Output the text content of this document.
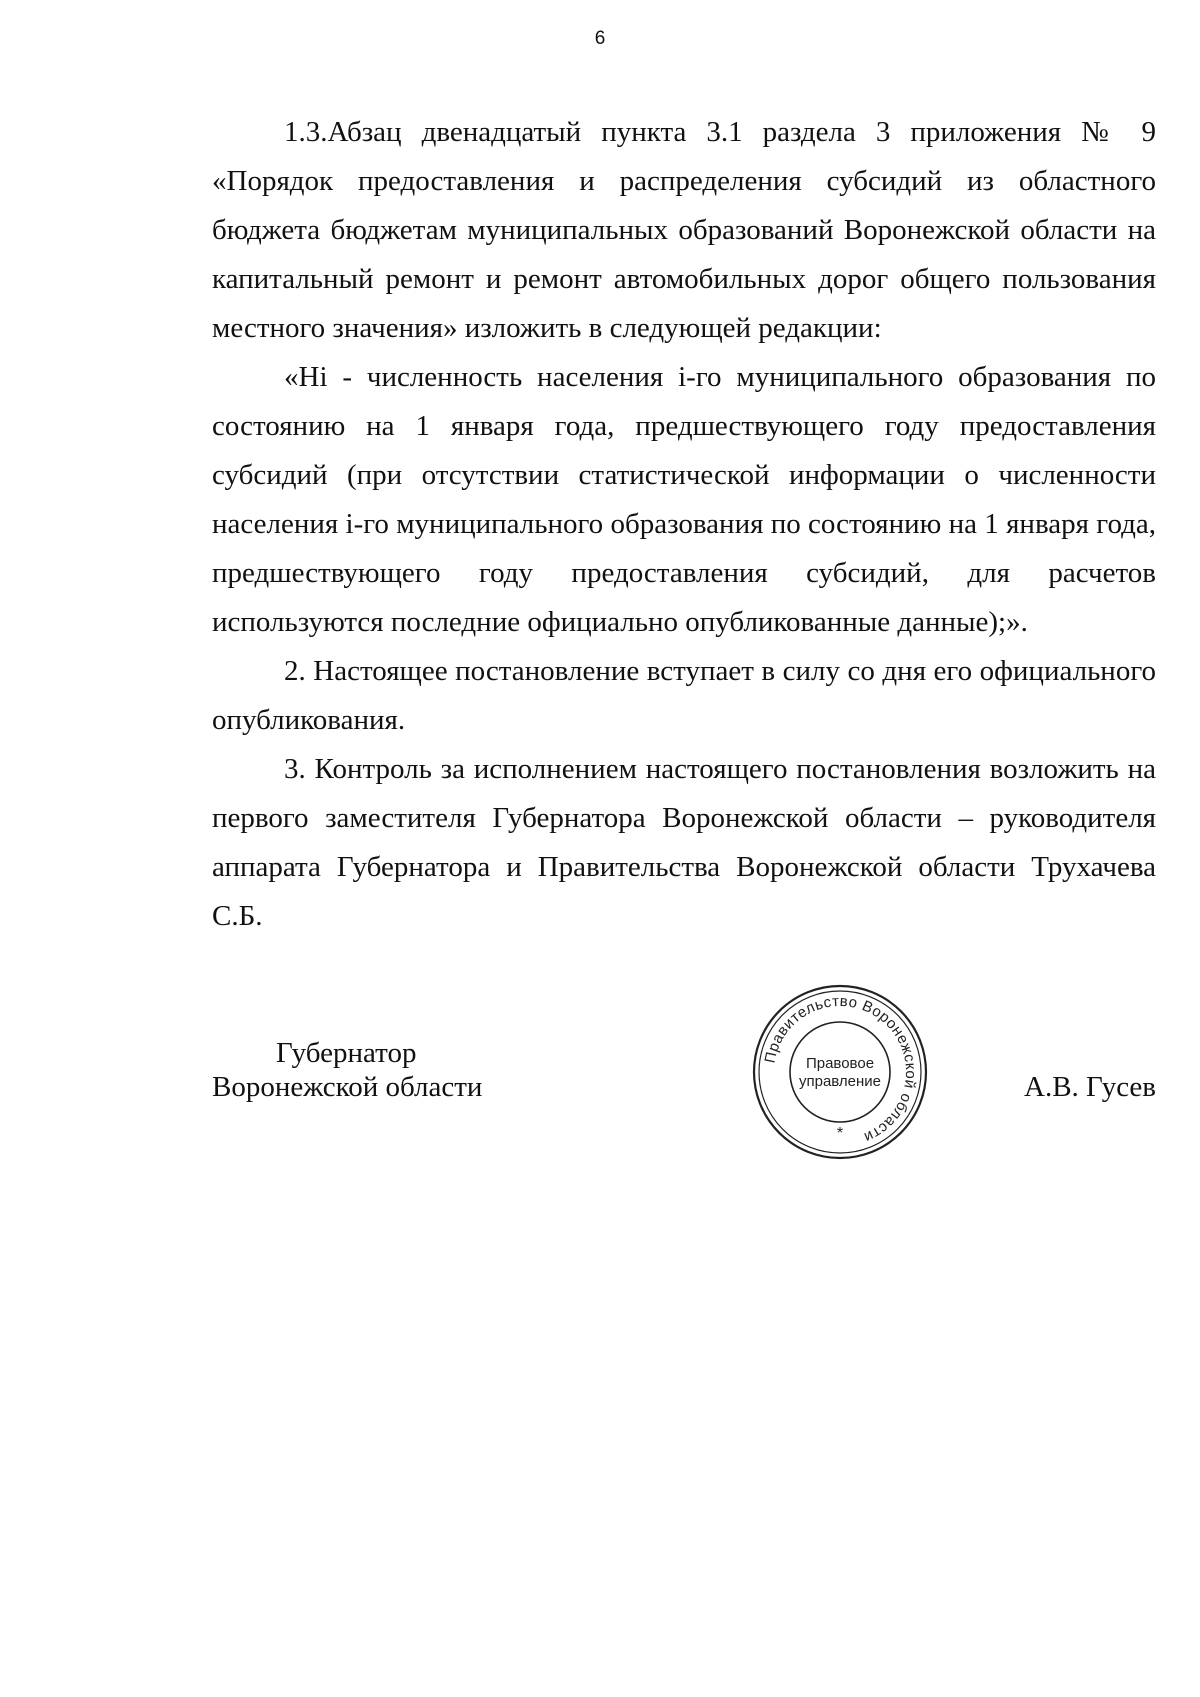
6

1.3.Абзац двенадцатый пункта 3.1 раздела 3 приложения № 9 «Порядок предоставления и распределения субсидий из областного бюджета бюджетам муниципальных образований Воронежской области на капитальный ремонт и ремонт автомобильных дорог общего пользования местного значения» изложить в следующей редакции:

«Нi - численность населения i-го муниципального образования по состоянию на 1 января года, предшествующего году предоставления субсидий (при отсутствии статистической информации о численности населения i-го муниципального образования по состоянию на 1 января года, предшествующего году предоставления субсидий, для расчетов используются последние официально опубликованные данные);».

2. Настоящее постановление вступает в силу со дня его официального опубликования.

3. Контроль за исполнением настоящего постановления возложить на первого заместителя Губернатора Воронежской области – руководителя аппарата Губернатора и Правительства Воронежской области Трухачева С.Б.

Губернатор
Воронежской области
Правительство Воронежской области
Правовое
управление
*
А.В. Гусев
